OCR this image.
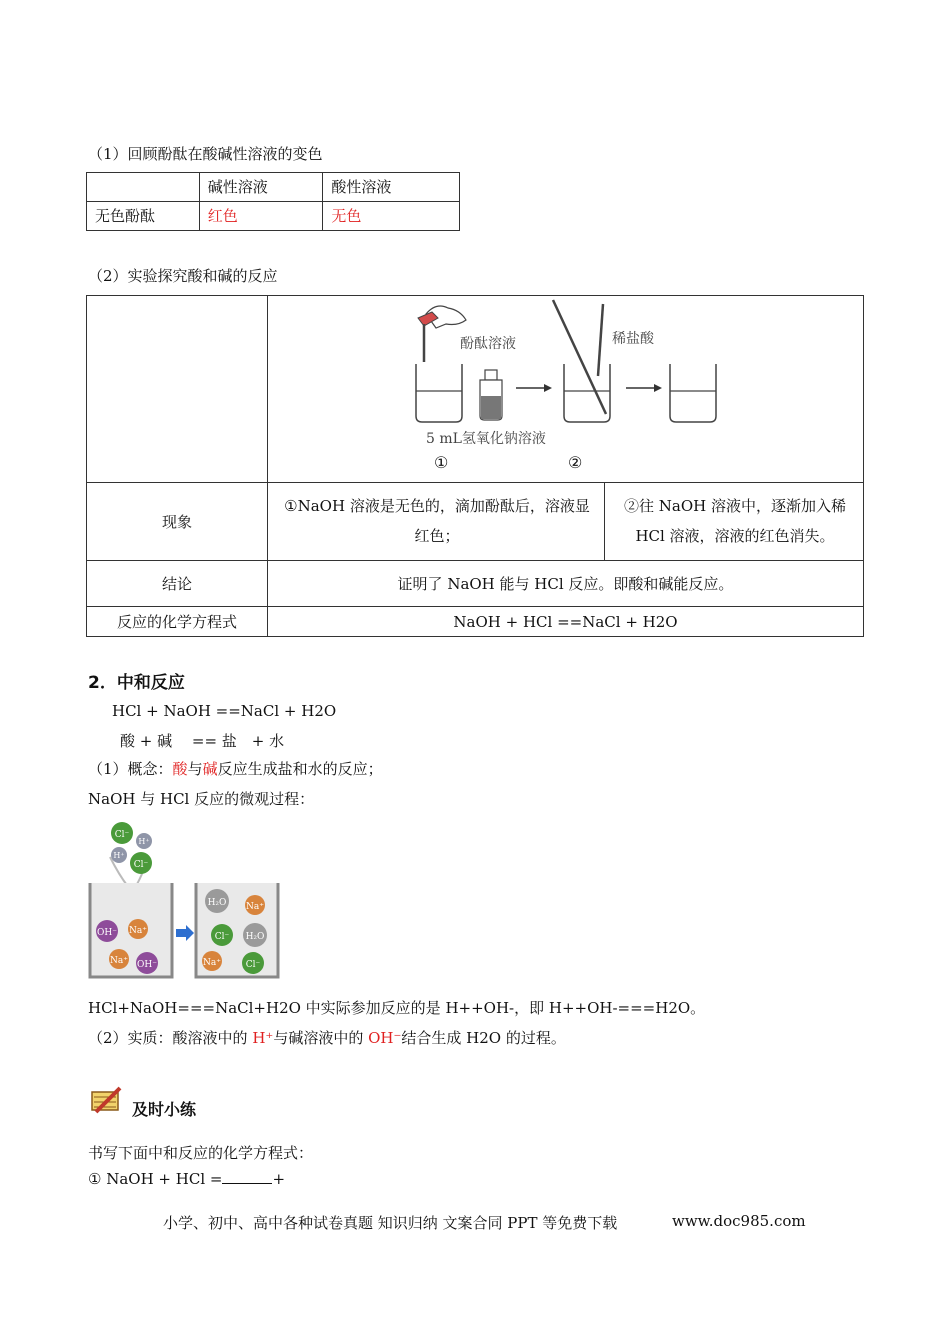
（1）回顾酚酞在酸碱性溶液的变色
	碱性溶液	酸性溶液
无色酚酞	红色	无色
（2）实验探究酸和碱的反应

	酚酞溶液 稀盐酸
5 mL氢氧化钠溶液
① ②	

现象	①NaOH 溶液是无色的，滴加酚酞后，溶液显红色；	②往 NaOH 溶液中，逐渐加入稀HCl 溶液，溶液的红色消失。
结论	证明了 NaOH 能与 HCl 反应。即酸和碱能反应。	
反应的化学方程式	NaOH + HCl ==NaCl + H2O	
2．中和反应
HCl + NaOH ==NaCl + H2O
酸 + 碱　 == 盐　+ 水
（1）概念：酸与碱反应生成盐和水的反应；
NaOH 与 HCl 反应的微观过程：
Cl⁻
H⁺
H⁺
Cl⁻
OH⁻ Na⁺
Na⁺ OH⁻
H₂O Na⁺
Cl⁻ H₂O
Na⁺	Cl⁻
HCl+NaOH===NaCl+H2O 中实际参加反应的是 H++OH-，即 H++OH-===H2O。
（2）实质：酸溶液中的 H⁺与碱溶液中的 OH⁻结合生成 H2O 的过程。
及时小练
书写下面中和反应的化学方程式：
① NaOH + HCl =	+
小学、初中、高中各种试卷真题 知识归纳 文案合同 PPT 等免费下载	www.doc985.com
